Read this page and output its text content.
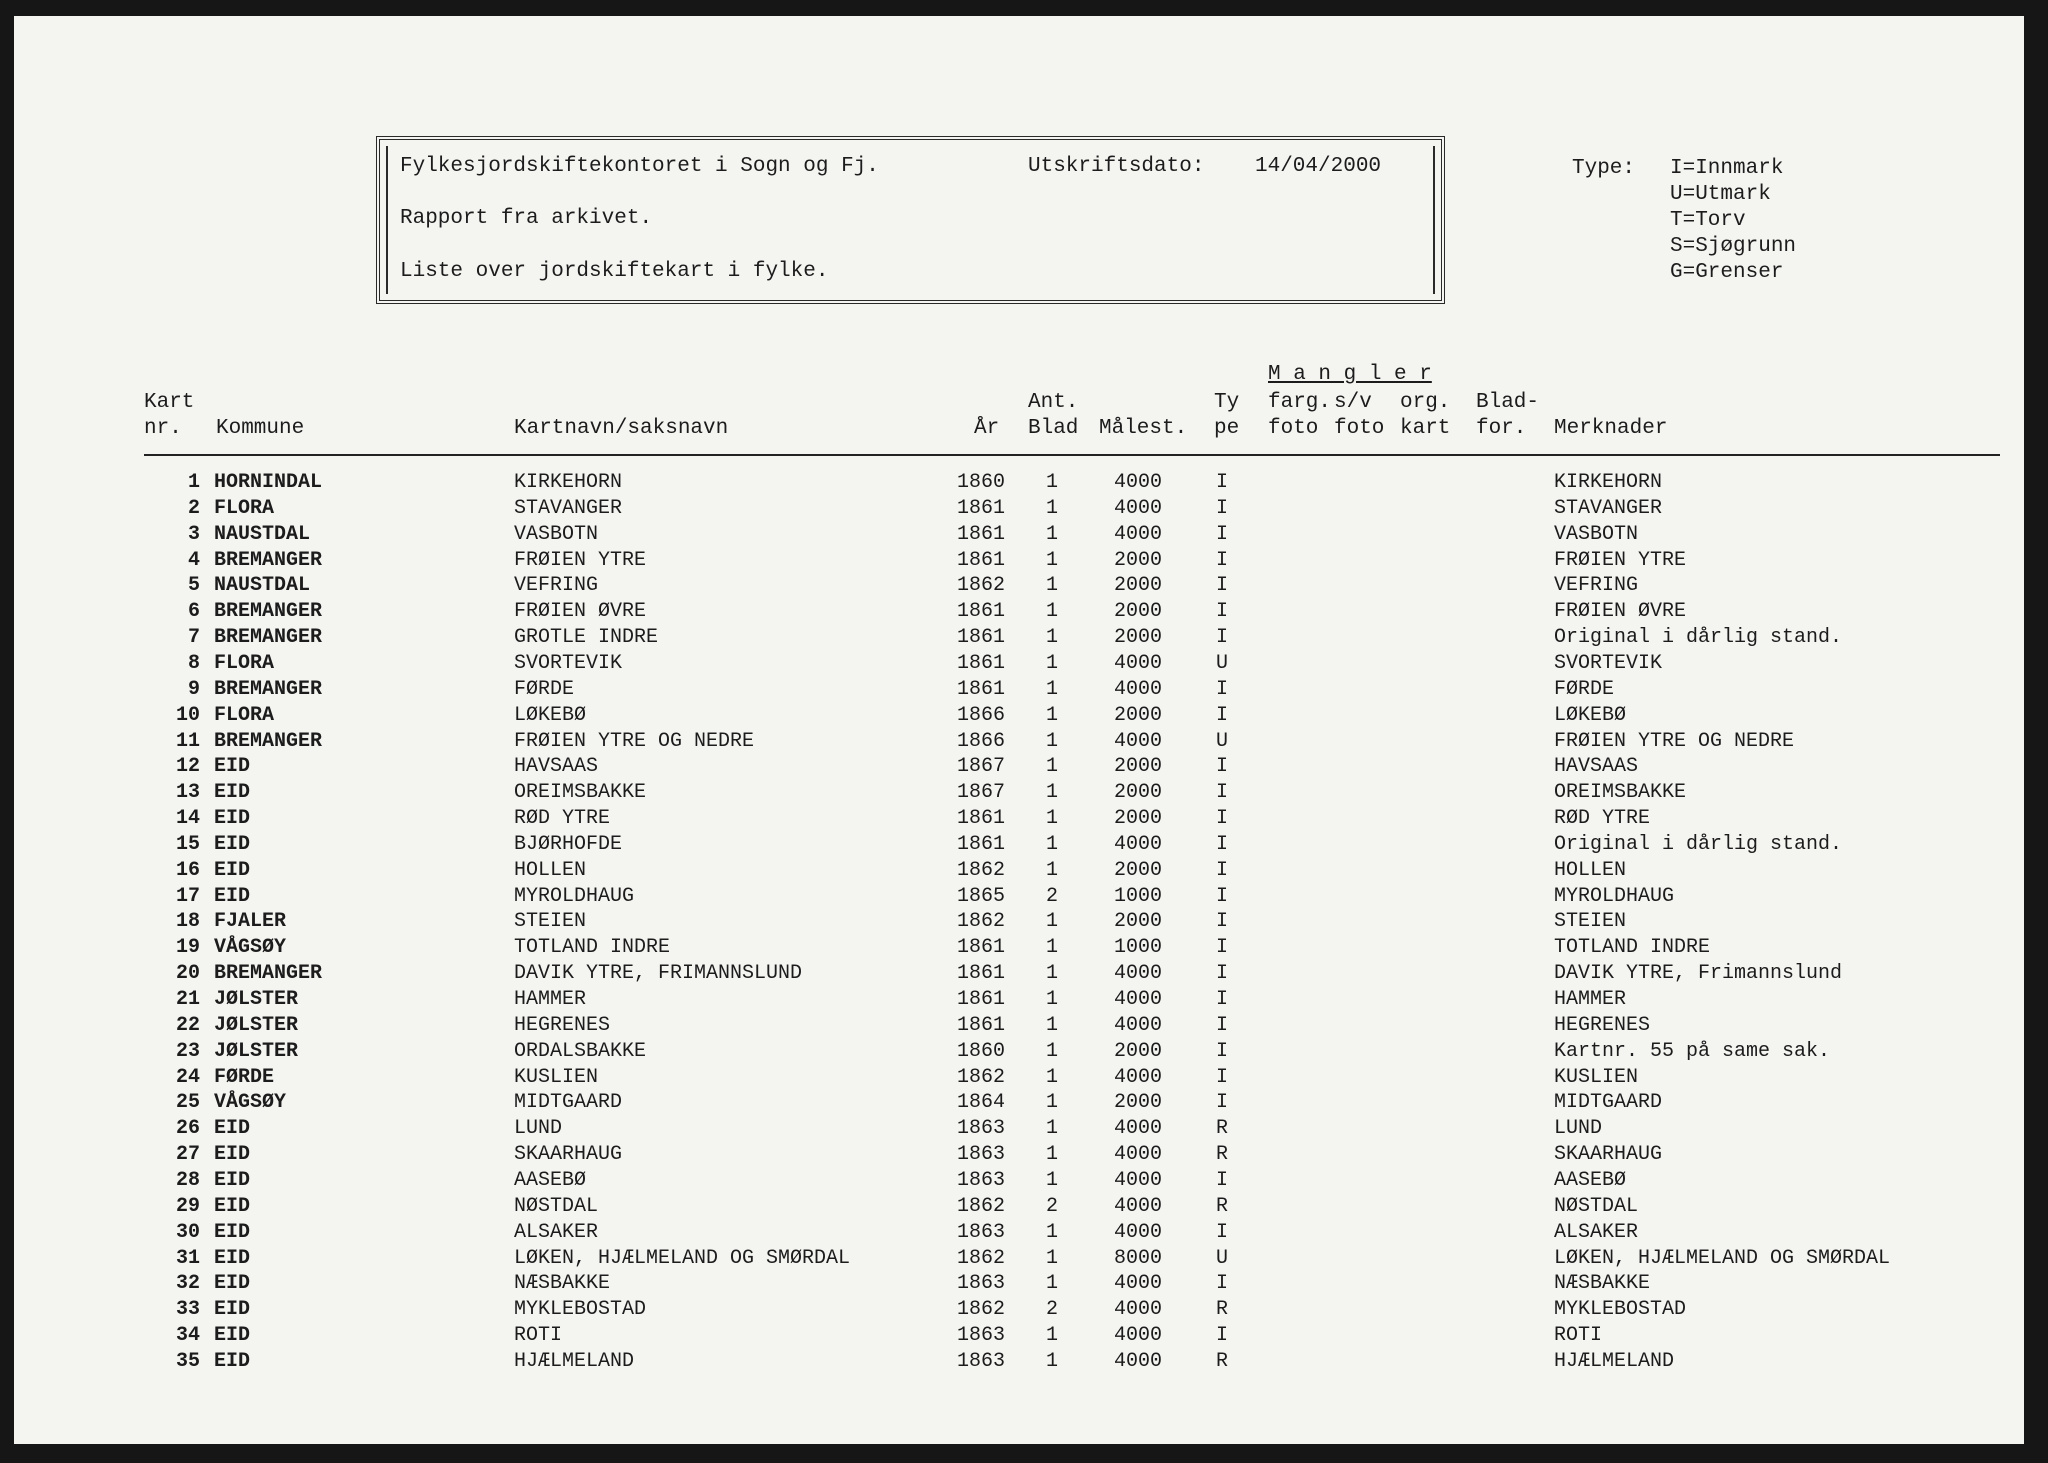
Fylkesjordskiftekontoret i Sogn og Fj.	Utskriftsdato: 14/04/2000
Rapport fra arkivet.
Liste over jordskiftekart i fylke.
Type: I=Innmark
U=Utmark
T=Torv
S=Sjøgrunn
G=Grenser
M a n g l e r
Kart
nr. Kommune	Kartnavn/saksnavn	År
Ant.
Blad Målest.
Ty
pe
farg.
foto
s/v
foto
org.
kart
Blad-
for. Merknader
1 HORNINDAL	KIRKEHORN	1860 1	4000	I	KIRKEHORN
2 FLORA	STAVANGER	1861 1	4000	I	STAVANGER
3 NAUSTDAL	VASBOTN	1861 1	4000	I	VASBOTN
4 BREMANGER	FRØIEN YTRE	1861 1	2000	I	FRØIEN YTRE
5 NAUSTDAL	VEFRING	1862 1	2000	I	VEFRING
6 BREMANGER	FRØIEN ØVRE	1861 1	2000	I	FRØIEN ØVRE
7 BREMANGER	GROTLE INDRE	1861 1	2000	I	Original i dårlig stand.
8 FLORA	SVORTEVIK	1861 1	4000	U	SVORTEVIK
9 BREMANGER	FØRDE	1861 1	4000	I	FØRDE
10 FLORA	LØKEBØ	1866 1	2000	I	LØKEBØ
11 BREMANGER	FRØIEN YTRE OG NEDRE	1866 1	4000	U	FRØIEN YTRE OG NEDRE
12 EID	HAVSAAS	1867 1	2000	I	HAVSAAS
13 EID	OREIMSBAKKE	1867 1	2000	I	OREIMSBAKKE
14 EID	RØD YTRE	1861 1	2000	I	RØD YTRE
15 EID	BJØRHOFDE	1861 1	4000	I	Original i dårlig stand.
16 EID	HOLLEN	1862 1	2000	I	HOLLEN
17 EID	MYROLDHAUG	1865 2	1000	I	MYROLDHAUG
18 FJALER	STEIEN	1862 1	2000	I	STEIEN
19 VÅGSØY	TOTLAND INDRE	1861 1	1000	I	TOTLAND INDRE
20 BREMANGER	DAVIK YTRE, FRIMANNSLUND	1861 1	4000	I	DAVIK YTRE, Frimannslund
21 JØLSTER	HAMMER	1861 1	4000	I	HAMMER
22 JØLSTER	HEGRENES	1861 1	4000	I	HEGRENES
23 JØLSTER	ORDALSBAKKE	1860 1	2000	I	Kartnr. 55 på same sak.
24 FØRDE	KUSLIEN	1862 1	4000	I	KUSLIEN
25 VÅGSØY	MIDTGAARD	1864 1	2000	I	MIDTGAARD
26 EID	LUND	1863 1	4000	R	LUND
27 EID	SKAARHAUG	1863 1	4000	R	SKAARHAUG
28 EID	AASEBØ	1863 1	4000	I	AASEBØ
29 EID	NØSTDAL	1862 2	4000	R	NØSTDAL
30 EID	ALSAKER	1863 1	4000	I	ALSAKER
31 EID	LØKEN, HJÆLMELAND OG SMØRDAL	1862 1	8000	U	LØKEN, HJÆLMELAND OG SMØRDAL
32 EID	NÆSBAKKE	1863 1	4000	I	NÆSBAKKE
33 EID	MYKLEBOSTAD	1862 2	4000	R	MYKLEBOSTAD
34 EID	ROTI	1863 1	4000	I	ROTI
35 EID	HJÆLMELAND	1863 1	4000	R	HJÆLMELAND
